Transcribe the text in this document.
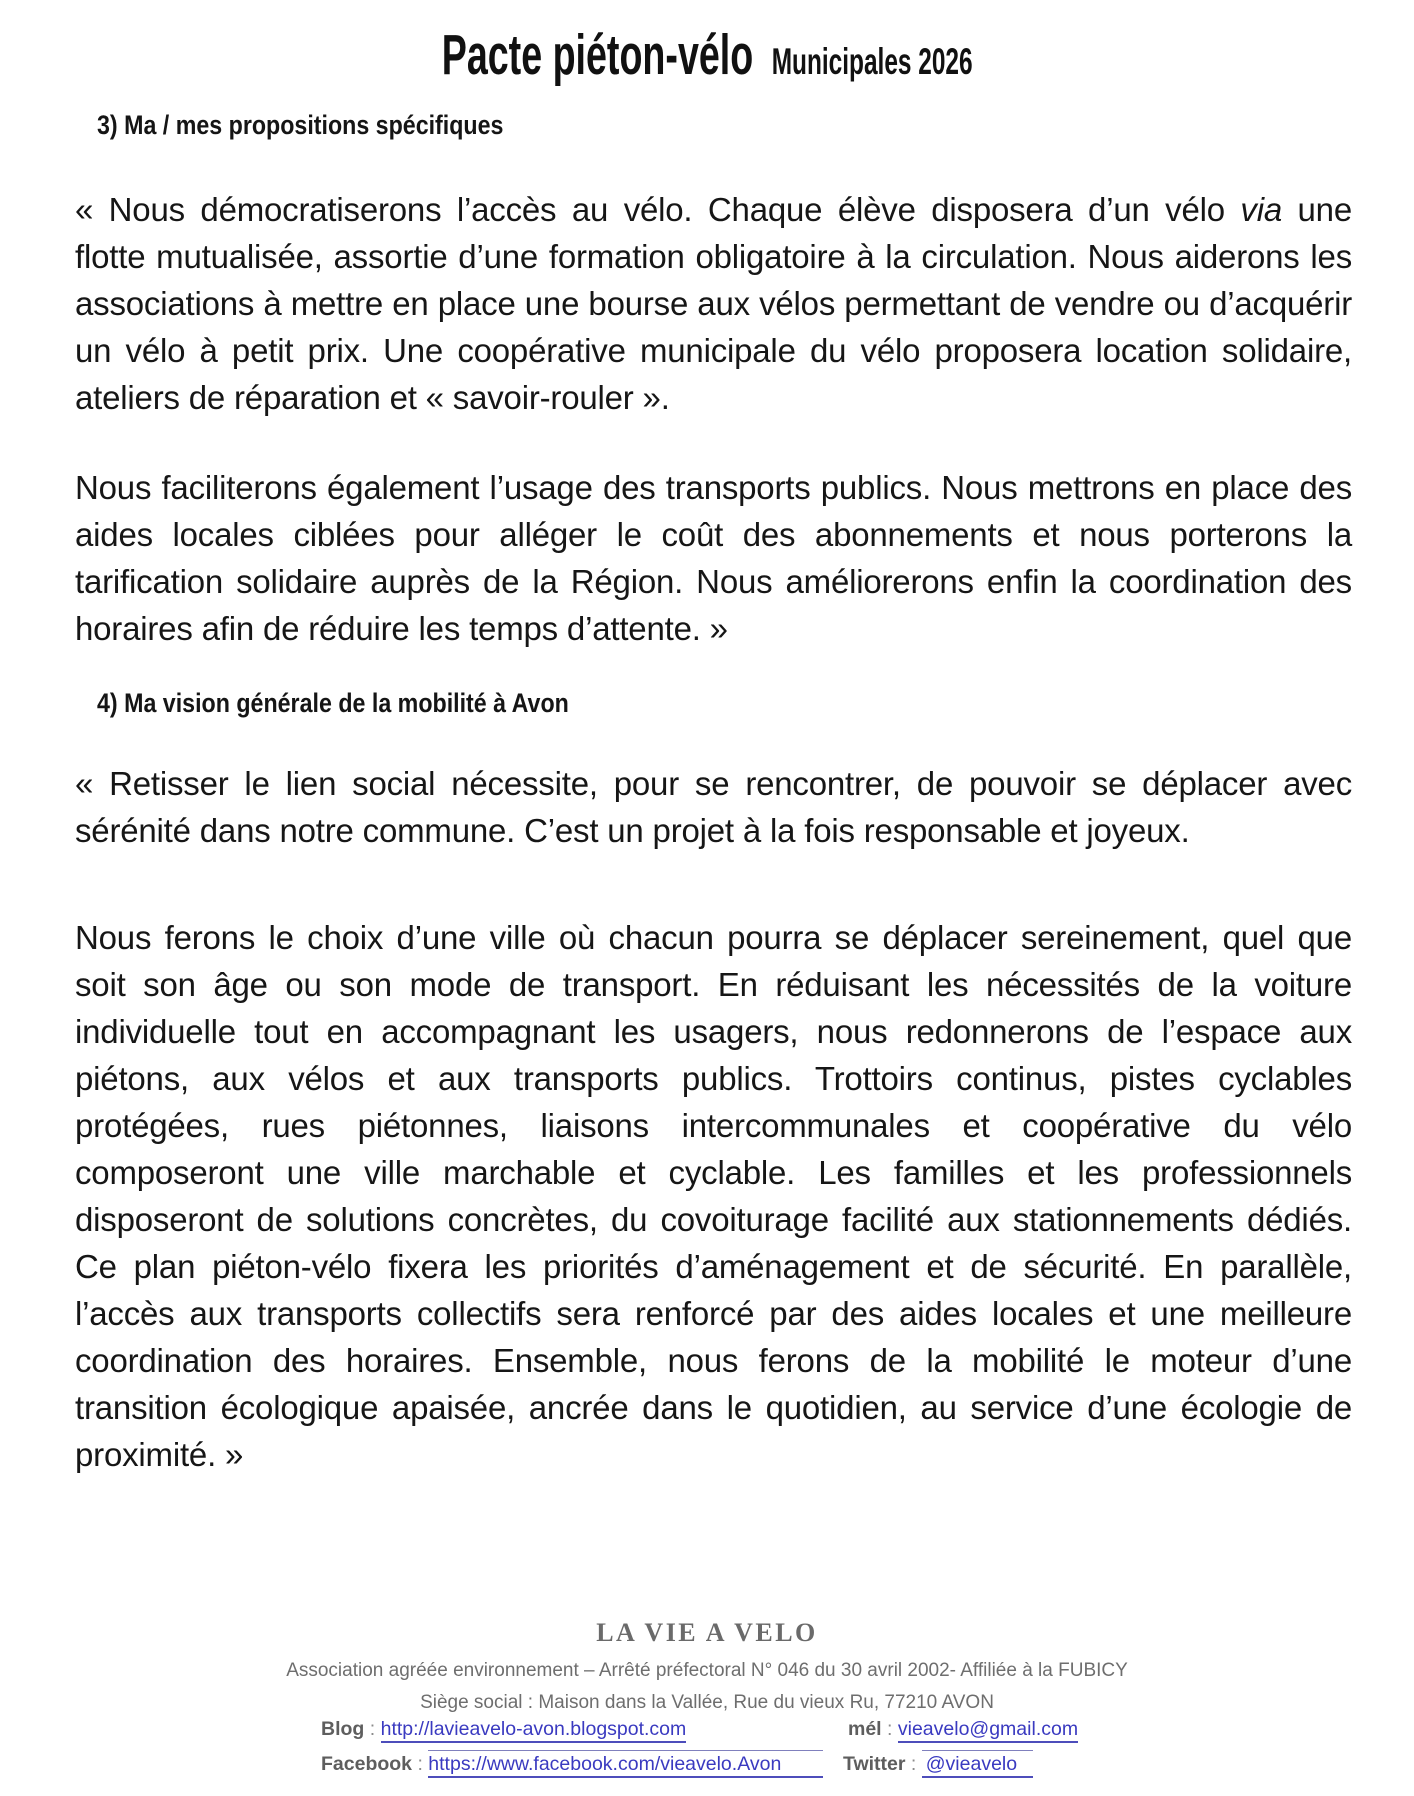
Pacte piéton-vélo Municipales 2026
3) Ma / mes propositions spécifiques

« Nous démocratiserons l’accès au vélo. Chaque élève disposera d’un vélo via une flotte mutualisée, assortie d’une formation obligatoire à la circulation. Nous aiderons les associations à mettre en place une bourse aux vélos permettant de vendre ou d’acquérir un vélo à petit prix. Une coopérative municipale du vélo proposera location solidaire, ateliers de réparation et « savoir-rouler ».

Nous faciliterons également l’usage des transports publics. Nous mettrons en place des aides locales ciblées pour alléger le coût des abonnements et nous porterons la tarification solidaire auprès de la Région. Nous améliorerons enfin la coordination des horaires afin de réduire les temps d’attente. »

4) Ma vision générale de la mobilité à Avon

« Retisser le lien social nécessite, pour se rencontrer, de pouvoir se déplacer avec sérénité dans notre commune. C’est un projet à la fois responsable et joyeux.

Nous ferons le choix d’une ville où chacun pourra se déplacer sereinement, quel que soit son âge ou son mode de transport. En réduisant les nécessités de la voiture individuelle tout en accompagnant les usagers, nous redonnerons de l’espace aux piétons, aux vélos et aux transports publics. Trottoirs continus, pistes cyclables protégées, rues piétonnes, liaisons intercommunales et coopérative du vélo composeront une ville marchable et cyclable. Les familles et les professionnels disposeront de solutions concrètes, du covoiturage facilité aux stationnements dédiés. Ce plan piéton-vélo fixera les priorités d’aménagement et de sécurité. En parallèle, l’accès aux transports collectifs sera renforcé par des aides locales et une meilleure coordination des horaires. Ensemble, nous ferons de la mobilité le moteur d’une transition écologique apaisée, ancrée dans le quotidien, au service d’une écologie de proximité. »

LA VIE A VELO
Association agréée environnement – Arrêté préfectoral N° 046 du 30 avril 2002- Affiliée à la FUBICY
Siège social : Maison dans la Vallée, Rue du vieux Ru, 77210 AVON
Blog : http://lavieavelo-avon.blogspot.com	mél : vieavelo@gmail.com
Facebook : https://www.facebook.com/vieavelo.Avon	Twitter : @vieavelo
